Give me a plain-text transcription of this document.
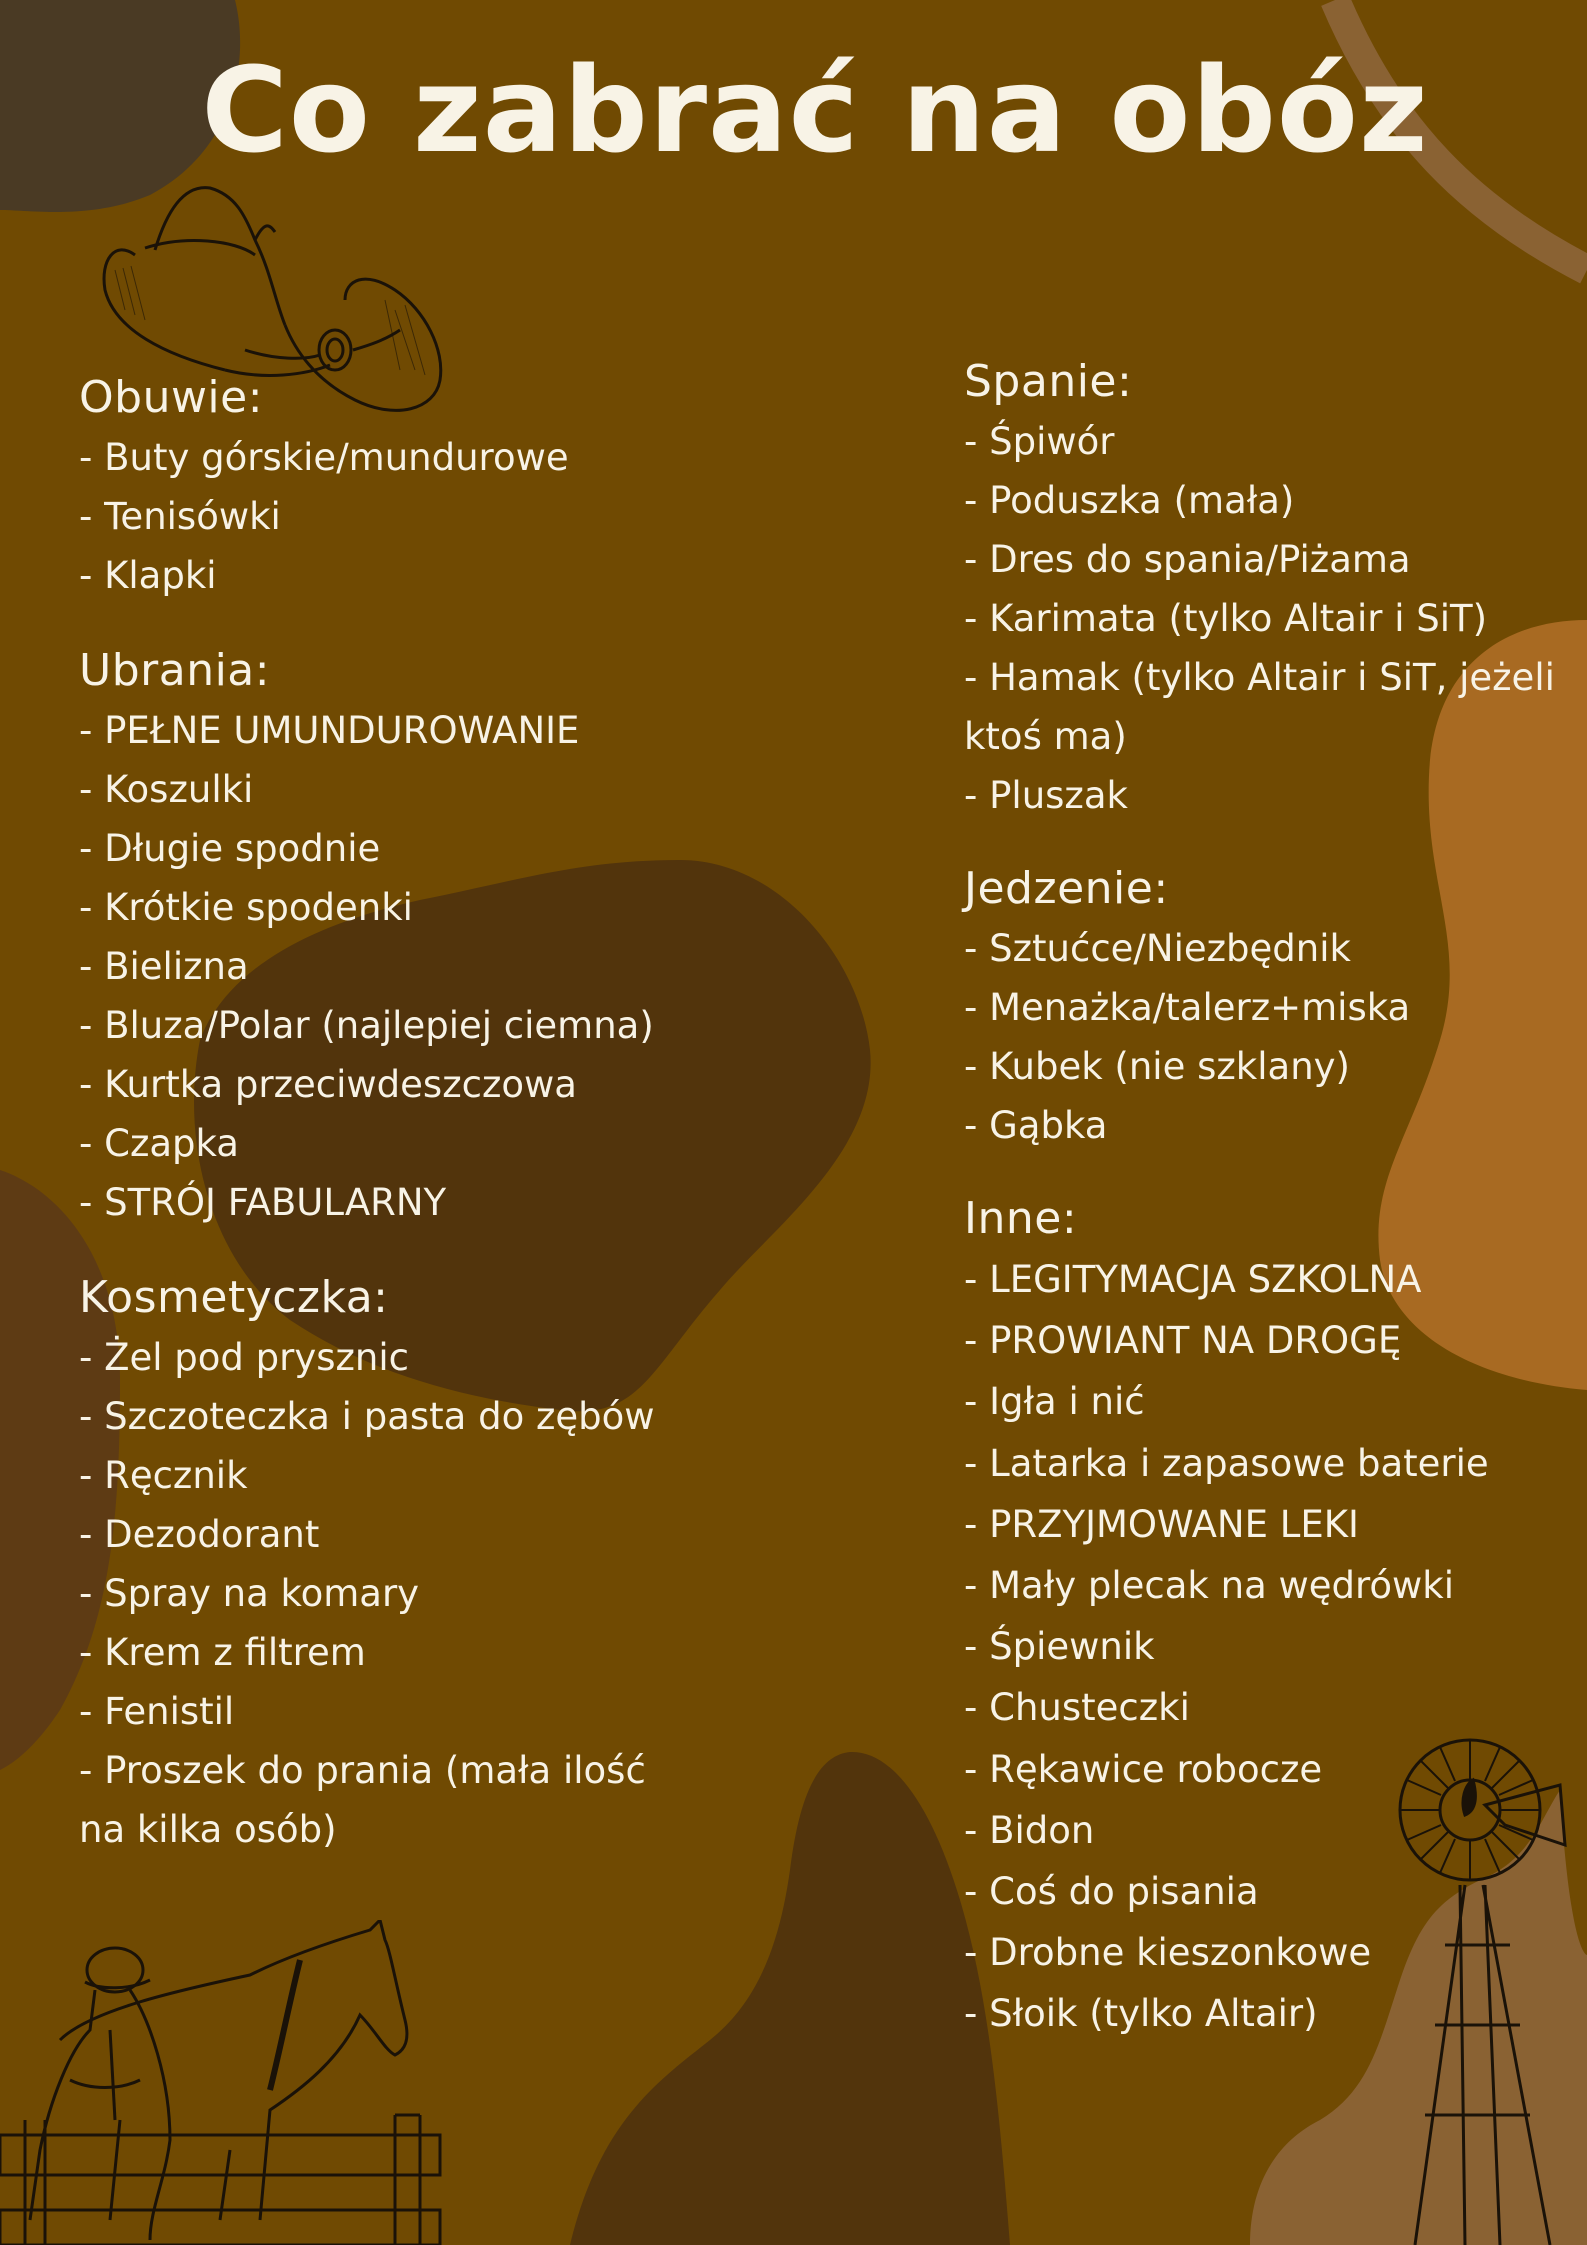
Co zabrać na obóz
Obuwie:
- Buty górskie/mundurowe
- Tenisówki
- Klapki
Ubrania:
- PEŁNE UMUNDUROWANIE
- Koszulki
- Długie spodnie
- Krótkie spodenki
- Bielizna
- Bluza/Polar (najlepiej ciemna)
- Kurtka przeciwdeszczowa
- Czapka
- STRÓJ FABULARNY
Kosmetyczka:
- Żel pod prysznic
- Szczoteczka i pasta do zębów
- Ręcznik
- Dezodorant
- Spray na komary
- Krem z filtrem
- Fenistil
- Proszek do prania (mała ilość na kilka osób)
Spanie:
- Śpiwór
- Poduszka (mała)
- Dres do spania/Piżama
- Karimata (tylko Altair i SiT)
- Hamak (tylko Altair i SiT, jeżeli ktoś ma)
- Pluszak
Jedzenie:
- Sztućce/Niezbędnik
- Menażka/talerz+miska
- Kubek (nie szklany)
- Gąbka
Inne:
- LEGITYMACJA SZKOLNA
- PROWIANT NA DROGĘ
- Igła i nić
- Latarka i zapasowe baterie
- PRZYJMOWANE LEKI
- Mały plecak na wędrówki
- Śpiewnik
- Chusteczki
- Rękawice robocze
- Bidon
- Coś do pisania
- Drobne kieszonkowe
- Słoik (tylko Altair)
